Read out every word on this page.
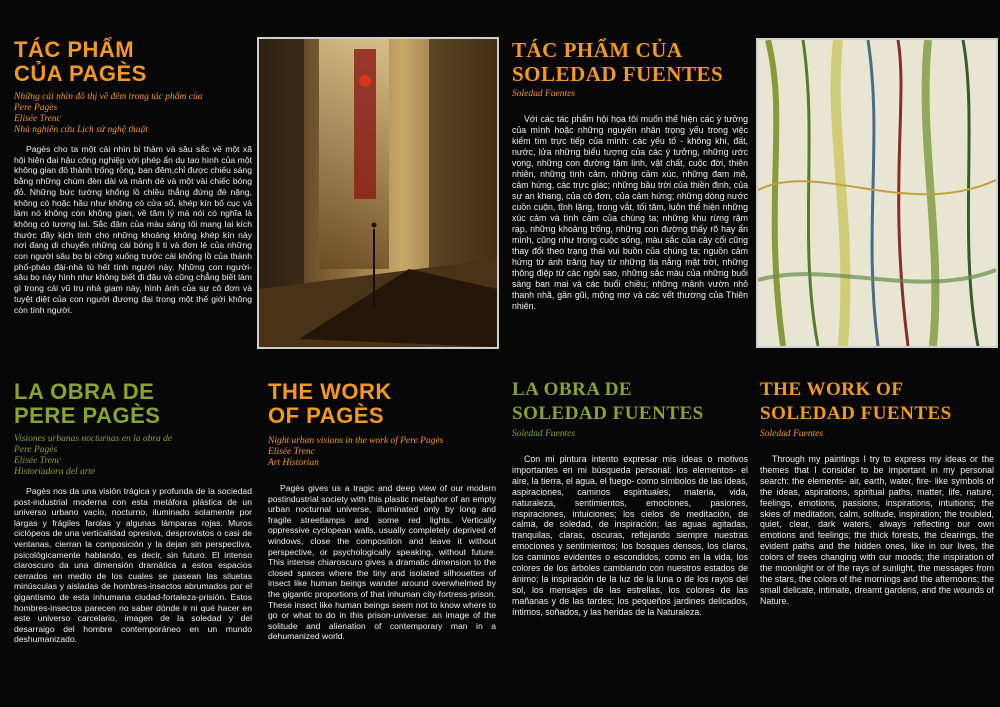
TÁC PHẨM
CỦA PAGÈS
Những cái nhìn đô thị về đêm trong tác phẩm của
Pere Pagès
Elisée Trenc
Nhà nghiên cứu Lịch sử nghệ thuật
Pagès cho ta một cái nhìn bi thảm và sâu sắc về một xã hội hiện đại hậu công nghiệp với phép ẩn dụ tạo hình của một không gian đô thành trống rỗng, ban đêm,chỉ được chiếu sáng bằng những chùm đèn dài và mảnh dẻ và một vài chiếc bóng đỏ. Những bức tường khổng lồ chiều thẳng đứng đè nặng, không có hoặc hầu như không có cửa sổ, khép kín bố cục và làm nó không còn không gian, về tâm lý mà nói có nghĩa là không có tương lai. Sắc đậm của màu sáng tối mang lại kích thước đầy kịch tính cho những khoảng không khép kín này nơi đang di chuyển những cái bóng li ti và đơn lẻ của những con người sâu bọ bị công xuống trước cái khổng lồ của thành phố-pháo đài-nhà tù hết tính người này. Những con người-sâu bọ này hình như không biết đi đâu và cũng chẳng biết làm gì trong cái vũ trụ nhà giam này, hình ảnh của sự cô đơn và tuyệt diệt của con người đương đại trong một thế giới không còn tính người.
TÁC PHẨM CỦA
SOLEDAD FUENTES
Soledad Fuentes
Với các tác phẩm hội họa tôi muốn thể hiện các ý tưởng của mình hoặc những nguyên nhân trọng yếu trong việc kiếm tìm trực tiếp của mình: các yếu tố - không khí, đất, nước, lửa những biểu tượng của các ý tưởng, những ước vọng, những con đường tâm linh, vật chất, cuộc đời, thiên nhiên, những tình cảm, những cảm xúc, những đam mê, cảm hứng, các trực giác; những bầu trời của thiền định, của sự an khang, của cô đơn, của cảm hứng; những dòng nước cuồn cuộn, tĩnh lặng, trong vắt, tối tăm, luôn thể hiện những xúc cảm và tình cảm của chúng ta; những khu rừng rậm rạp, những khoảng trống, những con đường thấy rõ hay ẩn mình, cũng như trong cuộc sống, màu sắc của cây cối cũng thay đổi theo trạng thái vui buồn của chúng ta; nguồn cảm hứng từ ánh trăng hay từ những tia nắng mặt trời, những thông điệp từ các ngôi sao, những sắc màu của những buổi sáng ban mai và các buổi chiều; những mảnh vườn nhỏ thanh nhã, gần gũi, mộng mơ và các vết thương của Thiên nhiên.
LA OBRA DE
PERE PAGÈS
Visiones urbanas nocturnas en la obra de
Pere Pagès
Elisée Trenc
Historiadora del arte
Pagès nos da una visión trágica y profunda de la sociedad post-industrial moderna con esta metáfora plástica de un universo urbano vacío, nocturno, iluminado solamente por largas y frágiles farolas y algunas lámparas rojas. Muros ciclópeos de una verticalidad opresiva, desprovistos o casi de ventanas, cierran la composición y la dejan sin perspectiva, psicológicamente hablando, es decir, sin futuro. El intenso claroscuro da una dimensión dramática a estos espacios cerrados en medio de los cuales se pasean las siluetas minúsculas y aisladas de hombres-insectos abrumados por el gigantismo de esta inhumana ciudad-fortaleza-prisión. Estos hombres-insectos parecen no saber dónde ir ni qué hacer en este universo carcelario, imagen de la soledad y del desarraigo del hombre contemporáneo en un mundo deshumanizado.
THE WORK
OF PAGÈS
Night urban visions in the work of Pere Pagès
Elisée Trenc
Art Historian
Pagès gives us a tragic and deep view of our modern postindustrial society with this plastic metaphor of an empty urban nocturnal universe, illuminated only by long and fragile streetlamps and some red lights. Vertically oppressive cyclopean walls, usually completely deprived of windows, close the composition and leave it without perspective, or psychologically speaking, without future. This intense chiaroscuro gives a dramatic dimension to the closed spaces where the tiny and isolated silhouettes of insect like human beings wander around overwhelmed by the gigantic proportions of that inhuman city-fortress-prison. These insect like human beings seem not to know where to go or what to do in this prison-universe: an image of the solitude and alienation of contemporary man in a dehumanized world.
LA OBRA DE
SOLEDAD FUENTES
Soledad Fuentes
Con mi pintura intento expresar mis ideas o motivos importantes en mi búsqueda personal: los elementos- el aire, la tierra, el agua, el fuego- como símbolos de las ideas, aspiraciones, caminos espirituales, materia, vida, naturaleza, sentimientos, emociones, pasiones, inspiraciones, intuiciones; los cielos de meditación, de calma, de soledad, de inspiración; las aguas agitadas, tranquilas, claras, oscuras, reflejando siempre nuestras emociones y sentimientos; los bosques densos, los claros, los caminos evidentes o escondidos, como en la vida, los colores de los árboles cambiando con nuestros estados de ánimo; la inspiración de la luz de la luna o de los rayos del sol, los mensajes de las estrellas, los colores de las mañanas y de las tardes; los pequeños jardines delicados, íntimos, soñados, y las heridas de la Naturaleza.
THE WORK OF
SOLEDAD FUENTES
Soledad Fuentes
Through my paintings I try to express my ideas or the themes that I consider to be important in my personal search: the elements- air, earth, water, fire- like symbols of the ideas, aspirations, spiritual paths, matter, life, nature, feelings, emotions, passions, inspirations, intuitions; the skies of meditation, calm, solitude, inspiration; the troubled, quiet, clear, dark waters, always reflecting our own emotions and feelings; the thick forests, the clearings, the evident paths and the hidden ones, like in our lives, the colors of trees changing with our moods; the inspiration of the moonlight or of the rays of sunlight, the messages from the stars, the colors of the mornings and the afternoons; the small delicate, intimate, dreamt gardens, and the wounds of Nature.
